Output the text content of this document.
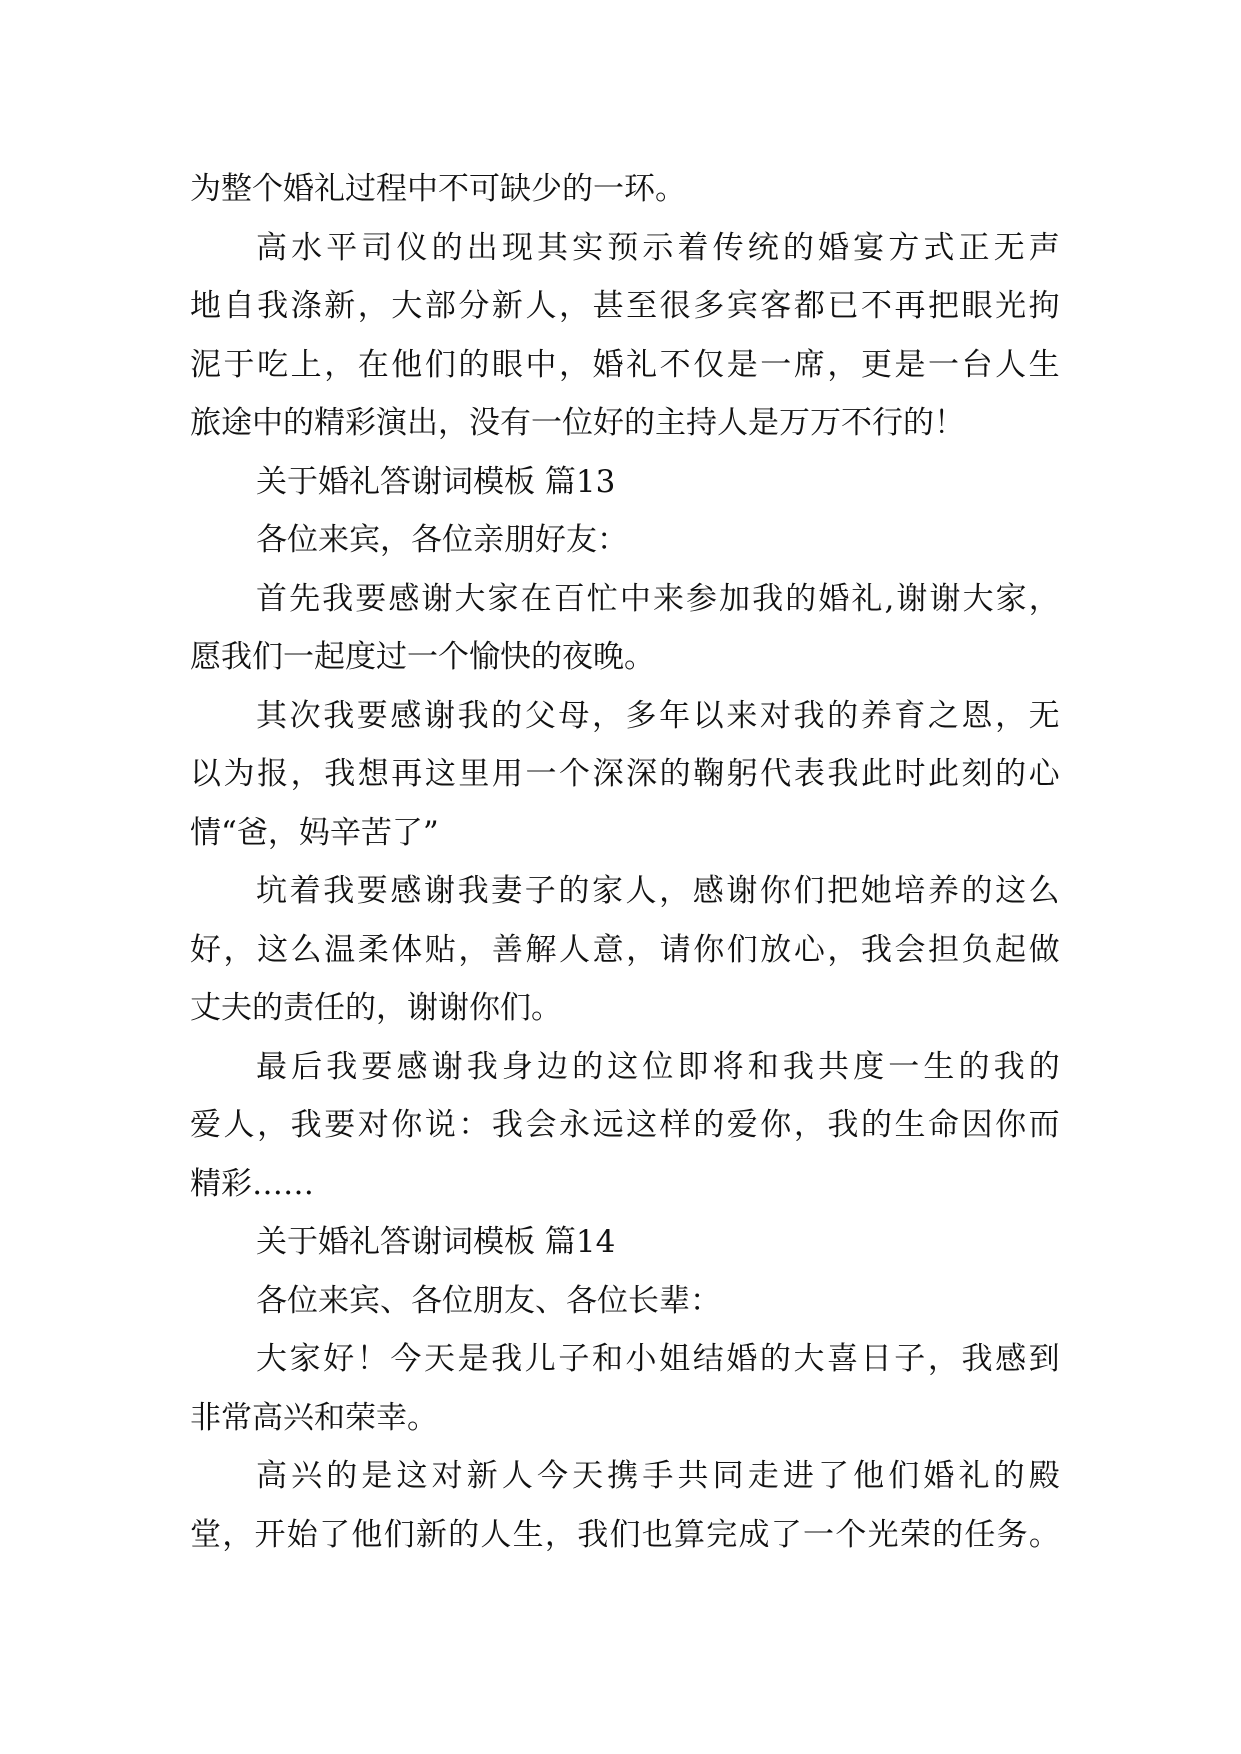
为整个婚礼过程中不可缺少的一环。
高 水 平 司 仪 的 出 现 其 实 预 示 着 传 统 的 婚 宴 方 式 正 无 声
地 自 我 涤 新 ， 大 部 分 新 人 ， 甚 至 很 多 宾 客 都 已 不 再 把 眼 光 拘
泥 于 吃 上 ， 在 他 们 的 眼 中 ， 婚 礼 不 仅 是 一 席 ， 更 是 一 台 人 生
旅途中的精彩演出，没有一位好的主持人是万万不行的！
关于婚礼答谢词模板 篇13
各位来宾，各位亲朋好友：
首 先 我 要 感 谢 大 家 在 百 忙 中 来 参 加 我 的 婚 礼 , 谢 谢 大 家 ，
愿我们一起度过一个愉快的夜晚。
其 次 我 要 感 谢 我 的 父 母 ， 多 年 以 来 对 我 的 养 育 之 恩 ， 无
以 为 报 ， 我 想 再 这 里 用 一 个 深 深 的 鞠 躬 代 表 我 此 时 此 刻 的 心
情“爸，妈辛苦了”
坑 着 我 要 感 谢 我 妻 子 的 家 人 ， 感 谢 你 们 把 她 培 养 的 这 么
好 ， 这 么 温 柔 体 贴 ， 善 解 人 意 ， 请 你 们 放 心 ， 我 会 担 负 起 做
丈夫的责任的，谢谢你们。
最 后 我 要 感 谢 我 身 边 的 这 位 即 将 和 我 共 度 一 生 的 我 的
爱 人 ， 我 要 对 你 说 ： 我 会 永 远 这 样 的 爱 你 ， 我 的 生 命 因 你 而
精彩……
关于婚礼答谢词模板 篇14
各位来宾、各位朋友、各位长辈：
大 家 好 ！ 今 天 是 我 儿 子 和 小 姐 结 婚 的 大 喜 日 子 ， 我 感 到
非常高兴和荣幸。
高 兴 的 是 这 对 新 人 今 天 携 手 共 同 走 进 了 他 们 婚 礼 的 殿
堂 ， 开 始 了 他 们 新 的 人 生 ， 我 们 也 算 完 成 了 一 个 光 荣 的 任 务 。
